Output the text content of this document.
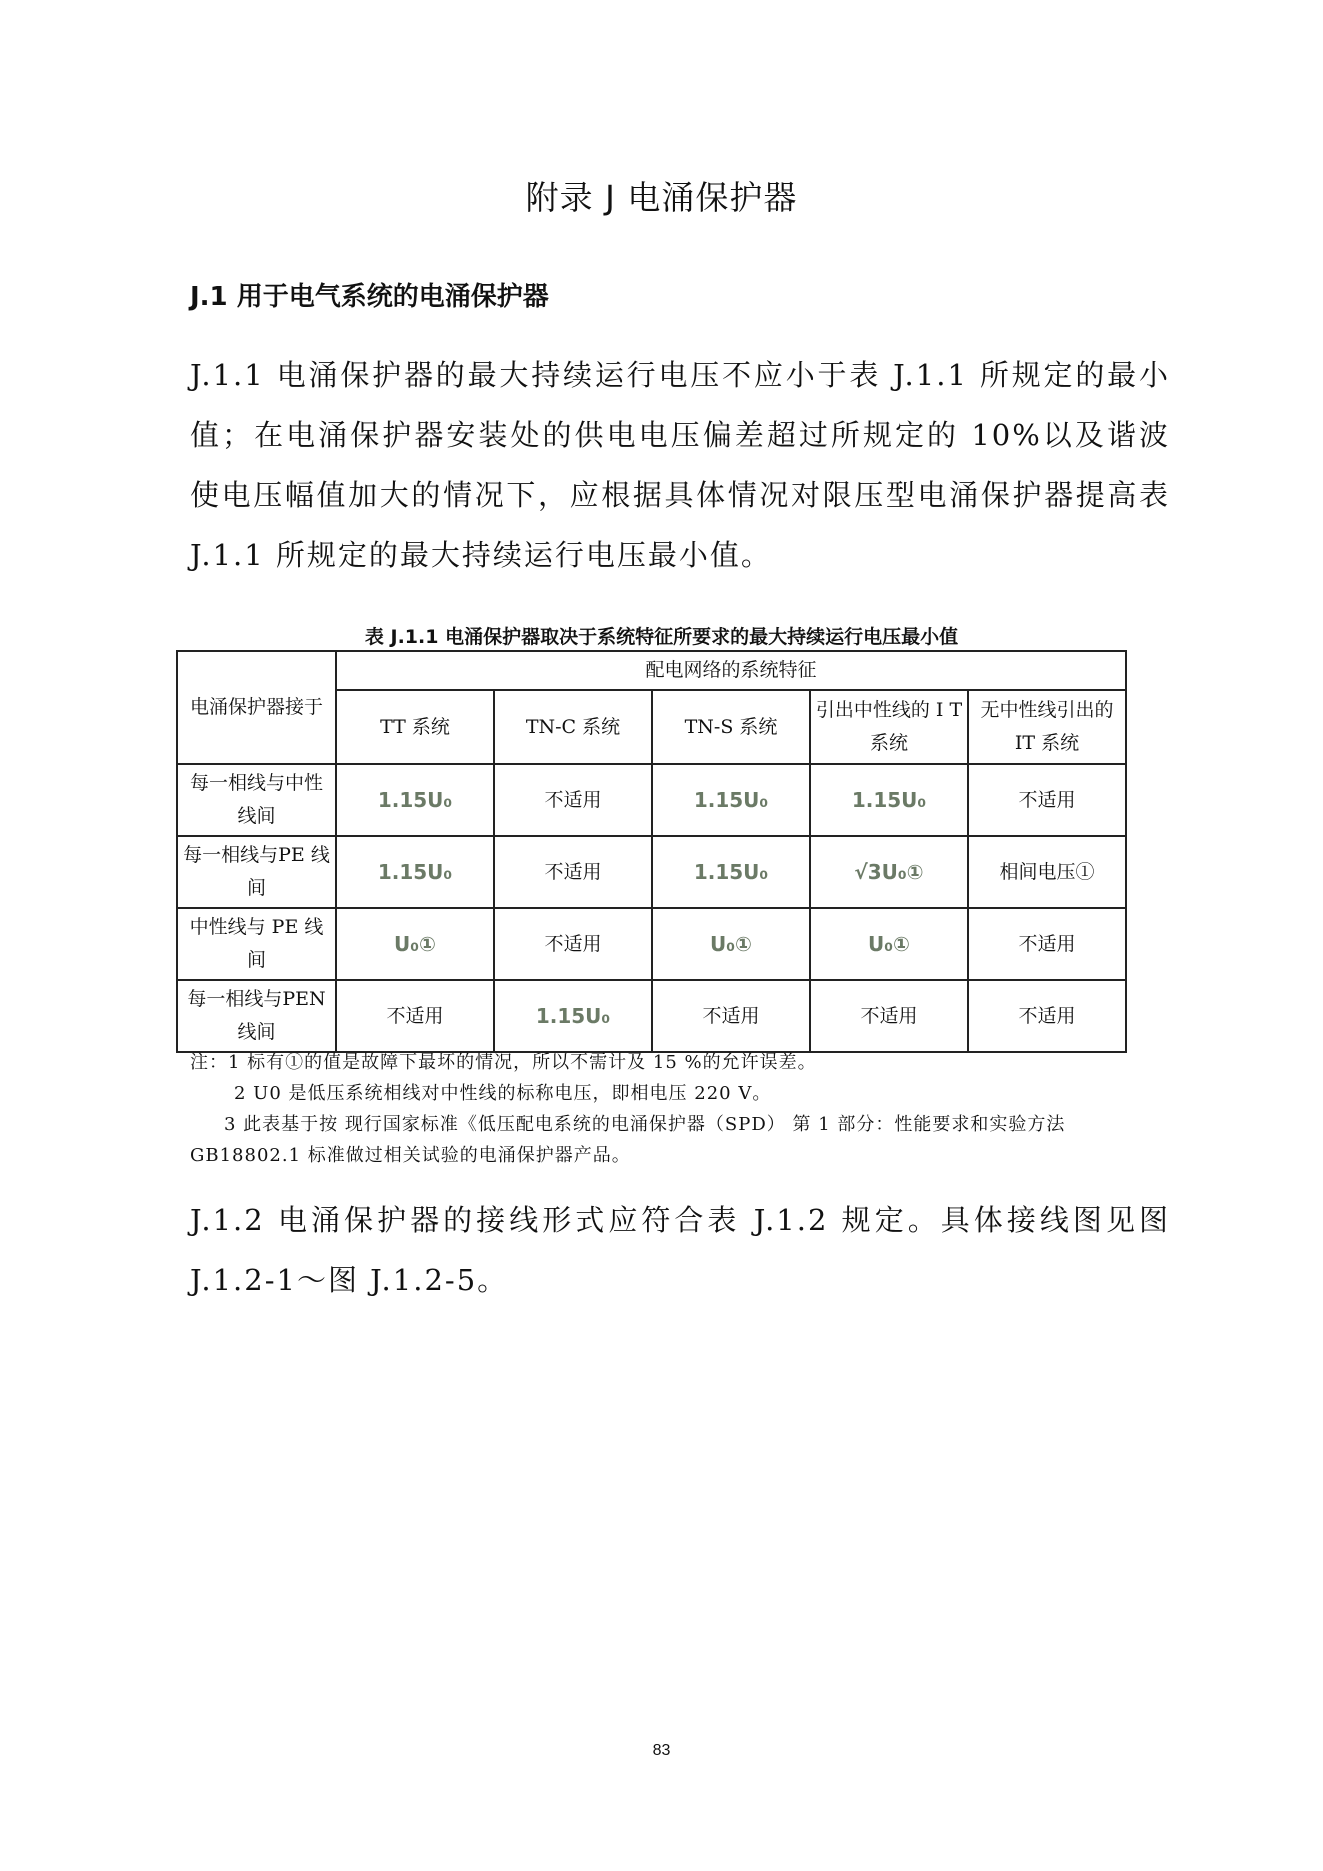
附录 J 电涌保护器
J.1 用于电气系统的电涌保护器

J.1.1 电涌保护器的最大持续运行电压不应小于表 J.1.1 所规定的最小值；在电涌保护器安装处的供电电压偏差超过所规定的 10%以及谐波使电压幅值加大的情况下，应根据具体情况对限压型电涌保护器提高表 J.1.1 所规定的最大持续运行电压最小值。

表 J.1.1 电涌保护器取决于系统特征所要求的最大持续运行电压最小值
电涌保护器接于	配电网络的系统特征				
	TT 系统	TN-C 系统	TN-S 系统	引出中性线的 I T 系统	无中性线引出的 IT 系统
每一相线与中性线间	1.15U₀	不适用	1.15U₀	1.15U₀	不适用
每一相线与PE 线间	1.15U₀	不适用	1.15U₀	√3U₀①	相间电压①
中性线与 PE 线间	U₀①	不适用	U₀①	U₀①	不适用
每一相线与PEN 线间	不适用	1.15U₀	不适用	不适用	不适用
注：1 标有①的值是故障下最坏的情况，所以不需计及 15 %的允许误差。
2 U0 是低压系统相线对中性线的标称电压，即相电压 220 V。
3 此表基于按 现行国家标准《低压配电系统的电涌保护器（SPD） 第 1 部分：性能要求和实验方法 GB18802.1 标准做过相关试验的电涌保护器产品。

J.1.2 电涌保护器的接线形式应符合表 J.1.2 规定。具体接线图见图 J.1.2-1～图 J.1.2-5。

83
